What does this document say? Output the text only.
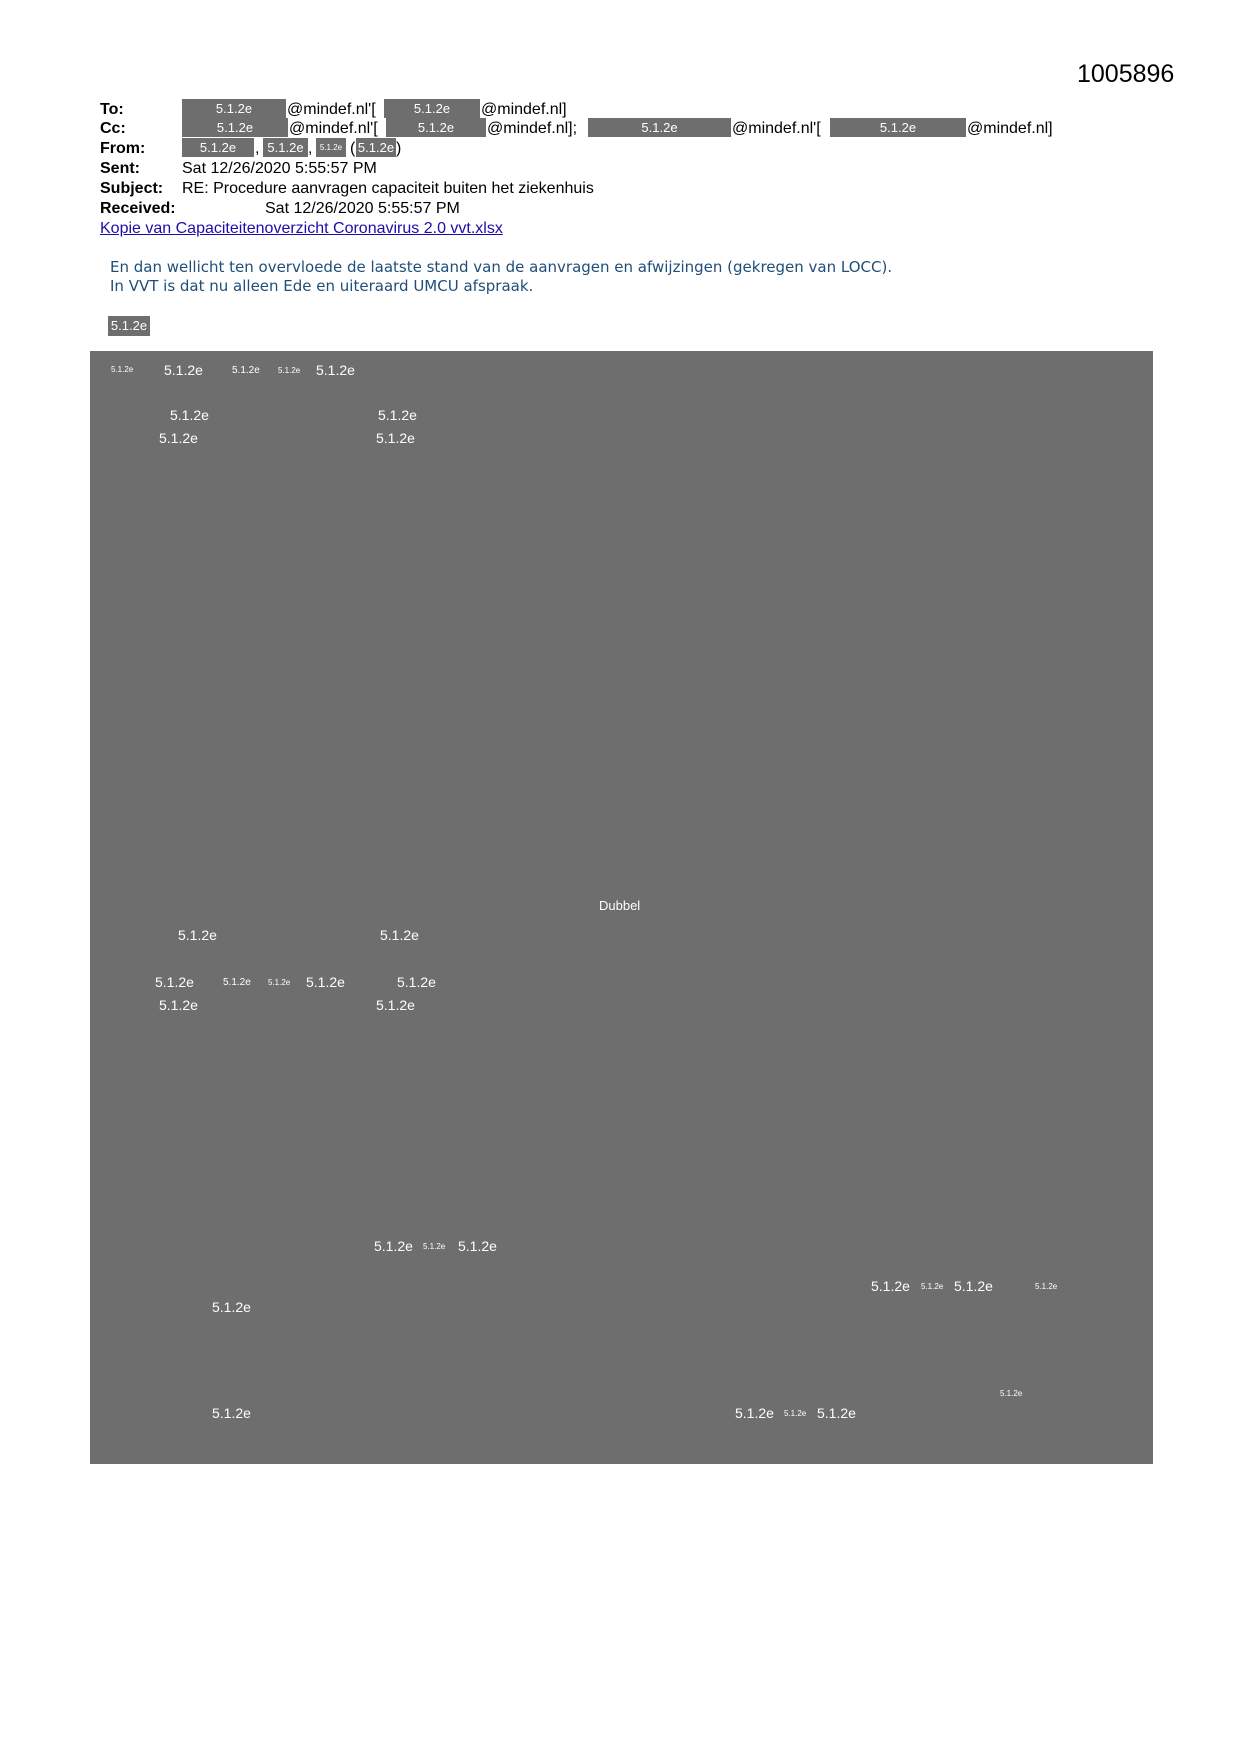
1005896
To:	5.1.2e	@mindef.nl'[	5.1.2e	@mindef.nl]
Cc:	5.1.2e	@mindef.nl'[	5.1.2e	@mindef.nl];	5.1.2e	@mindef.nl'[	5.1.2e	@mindef.nl]
From:	5.1.2e	, 5.1.2e , 5.1.2e ( 5.1.2e )
Sent:	Sat 12/26/2020 5:55:57 PM
Subject: RE: Procedure aanvragen capaciteit buiten het ziekenhuis
Received:	Sat 12/26/2020 5:55:57 PM
Kopie van Capaciteitenoverzicht Coronavirus 2.0 vvt.xlsx
En dan wellicht ten overvloede de laatste stand van de aanvragen en afwijzingen (gekregen van LOCC).
In VVT is dat nu alleen Ede en uiteraard UMCU afspraak.
5.1.2e
5.1.2e 5.1.2e	5.1.2e 5.1.2e 5.1.2e
5.1.2e	5.1.2e
5.1.2e	5.1.2e
Dubbel
5.1.2e	5.1.2e
5.1.2e	5.1.2e 5.1.2e 5.1.2e	5.1.2e
5.1.2e	5.1.2e
5.1.2e 5.1.2e 5.1.2e
5.1.2e 5.1.2e 5.1.2e	5.1.2e
5.1.2e
5.1.2e
5.1.2e	5.1.2e 5.1.2e 5.1.2e
